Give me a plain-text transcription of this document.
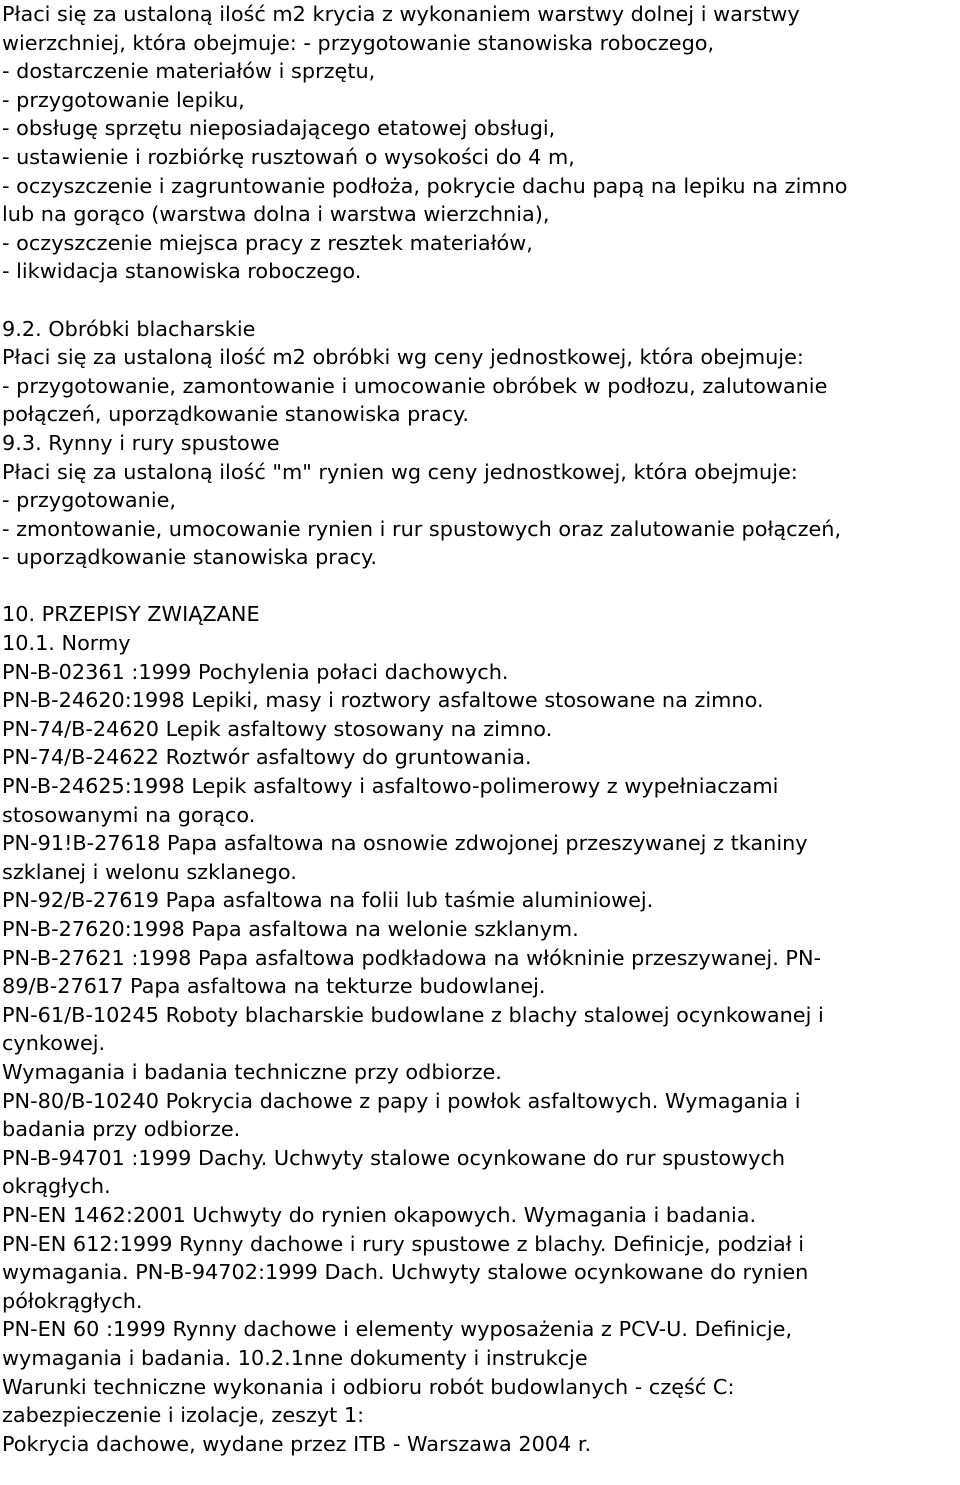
Płaci się za ustaloną ilość m2 krycia z wykonaniem warstwy dolnej i warstwy
wierzchniej, która obejmuje: - przygotowanie stanowiska roboczego,
- dostarczenie materiałów i sprzętu,
- przygotowanie lepiku,
- obsługę sprzętu nieposiadającego etatowej obsługi,
- ustawienie i rozbiórkę rusztowań o wysokości do 4 m,
- oczyszczenie i zagruntowanie podłoża, pokrycie dachu papą na lepiku na zimno
lub na gorąco (warstwa dolna i warstwa wierzchnia),
- oczyszczenie miejsca pracy z resztek materiałów,
- likwidacja stanowiska roboczego.
9.2. Obróbki blacharskie
Płaci się za ustaloną ilość m2 obróbki wg ceny jednostkowej, która obejmuje:
- przygotowanie, zamontowanie i umocowanie obróbek w podłozu, zalutowanie
połączeń, uporządkowanie stanowiska pracy.
9.3. Rynny i rury spustowe
Płaci się za ustaloną ilość "m" rynien wg ceny jednostkowej, która obejmuje:
- przygotowanie,
- zmontowanie, umocowanie rynien i rur spustowych oraz zalutowanie połączeń,
- uporządkowanie stanowiska pracy.
10. PRZEPISY ZWIĄZANE
10.1. Normy
PN-B-02361 :1999 Pochylenia połaci dachowych.
PN-B-24620:1998 Lepiki, masy i roztwory asfaltowe stosowane na zimno.
PN-74/B-24620 Lepik asfaltowy stosowany na zimno.
PN-74/B-24622 Roztwór asfaltowy do gruntowania.
PN-B-24625:1998 Lepik asfaltowy i asfaltowo-polimerowy z wypełniaczami
stosowanymi na gorąco.
PN-91!B-27618 Papa asfaltowa na osnowie zdwojonej przeszywanej z tkaniny
szklanej i welonu szklanego.
PN-92/B-27619 Papa asfaltowa na folii lub taśmie aluminiowej.
PN-B-27620:1998 Papa asfaltowa na welonie szklanym.
PN-B-27621 :1998 Papa asfaltowa podkładowa na włókninie przeszywanej. PN-
89/B-27617 Papa asfaltowa na tekturze budowlanej.
PN-61/B-10245 Roboty blacharskie budowlane z blachy stalowej ocynkowanej i
cynkowej.
Wymagania i badania techniczne przy odbiorze.
PN-80/B-10240 Pokrycia dachowe z papy i powłok asfaltowych. Wymagania i
badania przy odbiorze.
PN-B-94701 :1999 Dachy. Uchwyty stalowe ocynkowane do rur spustowych
okrągłych.
PN-EN 1462:2001 Uchwyty do rynien okapowych. Wymagania i badania.
PN-EN 612:1999 Rynny dachowe i rury spustowe z blachy. Definicje, podział i
wymagania. PN-B-94702:1999 Dach. Uchwyty stalowe ocynkowane do rynien
półokrągłych.
PN-EN 60 :1999 Rynny dachowe i elementy wyposażenia z PCV-U. Definicje,
wymagania i badania. 10.2.1nne dokumenty i instrukcje
Warunki techniczne wykonania i odbioru robót budowlanych - część C:
zabezpieczenie i izolacje, zeszyt 1:
Pokrycia dachowe, wydane przez ITB - Warszawa 2004 r.
